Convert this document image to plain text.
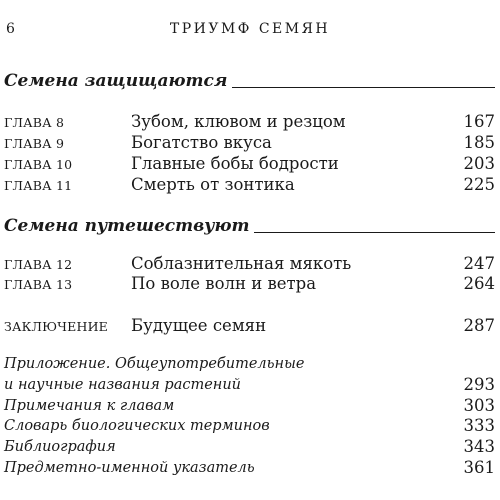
6	ТРИУМФ СЕМЯН
Семена защищаются
ГЛАВА 8	Зубом, клювом и резцом	167
ГЛАВА 9	Богатство вкуса	185
ГЛАВА 10	Главные бобы бодрости	203
ГЛАВА 11	Смерть от зонтика	225
Семена путешествуют
ГЛАВА 12	Соблазнительная мякоть	247
ГЛАВА 13	По воле волн и ветра	264
ЗАКЛЮЧЕНИЕ Будущее семян	287
Приложение. Общеупотребительные
и научные названия растений	293
Примечания к главам	303
Словарь биологических терминов	333
Библиография	343
Предметно-именной указатель	361
